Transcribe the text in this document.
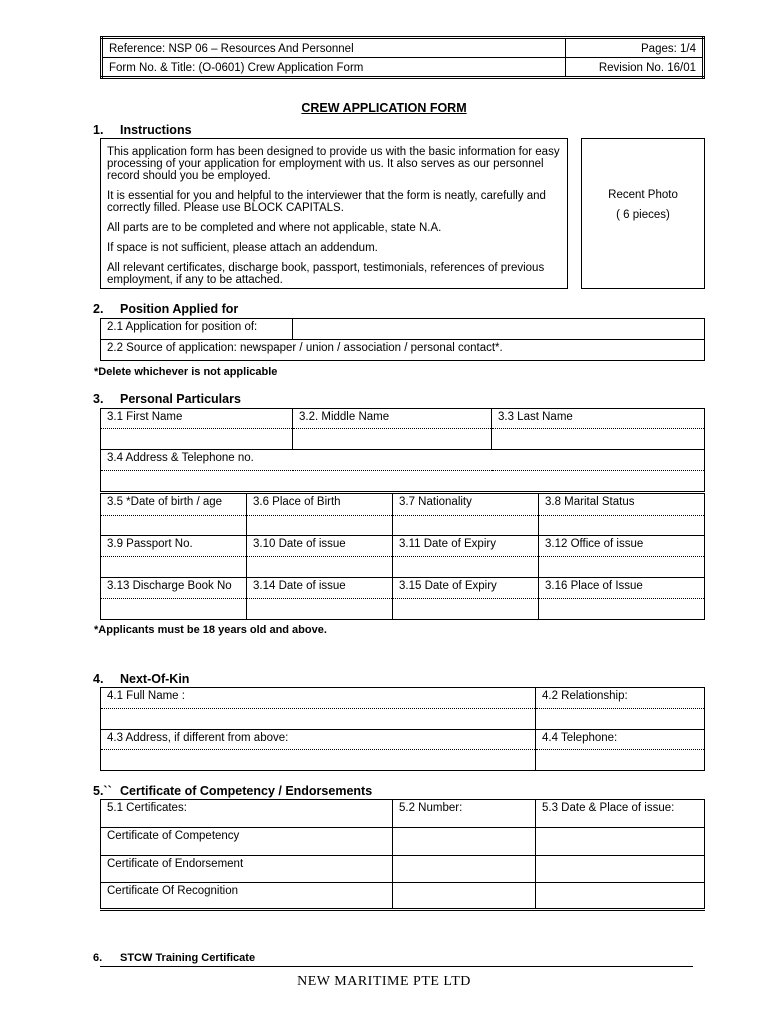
Reference: NSP 06 – Resources And Personnel	Pages: 1/4
Form No. & Title: (O-0601) Crew Application Form	Revision No. 16/01
CREW APPLICATION FORM
1. Instructions

This application form has been designed to provide us with the basic information for easy processing of your application for employment with us. It also serves as our personnel record should you be employed.

It is essential for you and helpful to the interviewer that the form is neatly, carefully and correctly filled. Please use BLOCK CAPITALS.

All parts are to be completed and where not applicable, state N.A.

If space is not sufficient, please attach an addendum.

All relevant certificates, discharge book, passport, testimonials, references of previous employment, if any to be attached.

Recent Photo
( 6 pieces)
2. Position Applied for
2.1 Application for position of:	
2.2 Source of application: newspaper / union / association / personal contact*.
*Delete whichever is not applicable
3. Personal Particulars
3.1 First Name	3.2. Middle Name	3.3 Last Name

3.4 Address & Telephone no.		

3.5 *Date of birth / age	3.6 Place of Birth	3.7 Nationality	3.8 Marital Status

3.9 Passport No.	3.10 Date of issue	3.11 Date of Expiry	3.12 Office of issue

3.13 Discharge Book No	3.14 Date of issue	3.15 Date of Expiry	3.16 Place of Issue

*Applicants must be 18 years old and above.
4. Next-Of-Kin
4.1 Full Name :	4.2 Relationship:

4.3 Address, if different from above:	4.4 Telephone:

5.`` Certificate of Competency / Endorsements
5.1 Certificates:	5.2 Number:	5.3 Date & Place of issue:
Certificate of Competency		
Certificate of Endorsement		
Certificate Of Recognition		
6. STCW Training Certificate
NEW MARITIME PTE LTD
